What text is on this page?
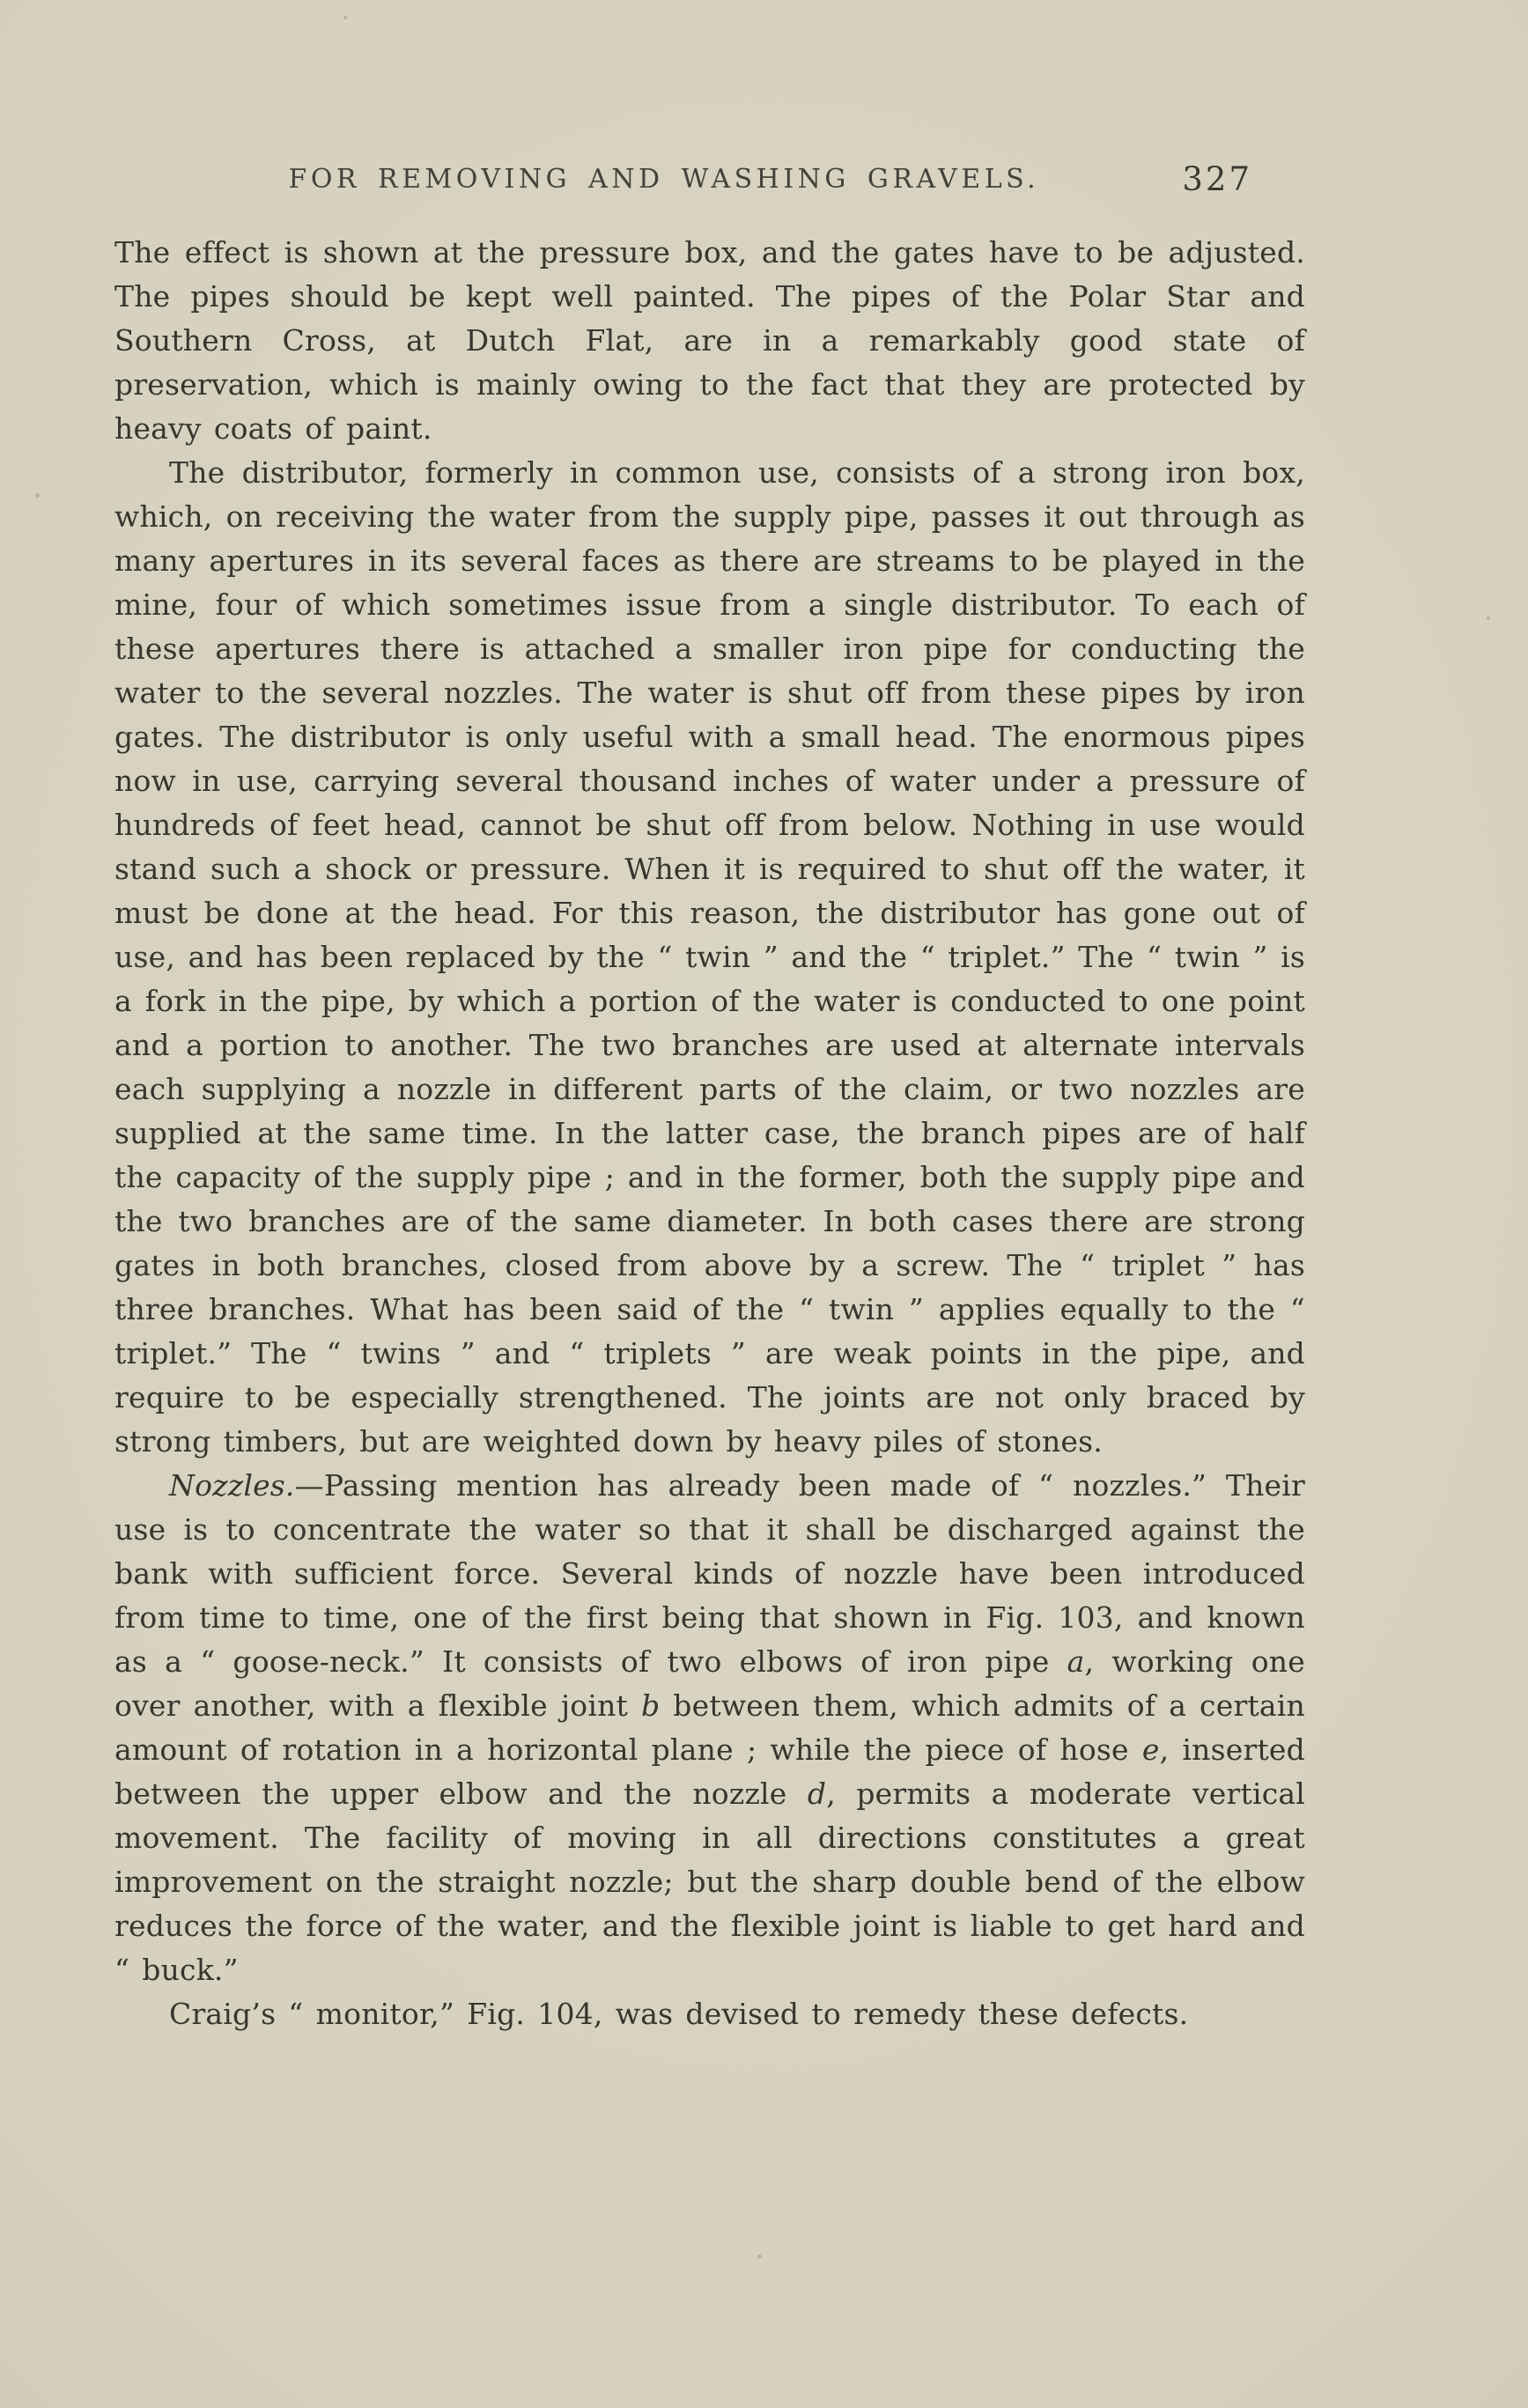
FOR REMOVING AND WASHING GRAVELS.	327

The effect is shown at the pressure box, and the gates have to be adjusted. The pipes should be kept well painted. The pipes of the Polar Star and Southern Cross, at Dutch Flat, are in a remarkably good state of preservation, which is mainly owing to the fact that they are protected by heavy coats of paint.

The distributor, formerly in common use, consists of a strong iron box, which, on receiving the water from the supply pipe, passes it out through as many apertures in its several faces as there are streams to be played in the mine, four of which sometimes issue from a single distributor. To each of these apertures there is attached a smaller iron pipe for conducting the water to the several nozzles. The water is shut off from these pipes by iron gates. The distributor is only useful with a small head. The enormous pipes now in use, carrying several thousand inches of water under a pressure of hundreds of feet head, cannot be shut off from below. Nothing in use would stand such a shock or pressure. When it is required to shut off the water, it must be done at the head. For this reason, the distributor has gone out of use, and has been replaced by the “ twin ” and the “ triplet.” The “ twin ” is a fork in the pipe, by which a portion of the water is conducted to one point and a portion to another. The two branches are used at alternate intervals each supplying a nozzle in different parts of the claim, or two nozzles are supplied at the same time. In the latter case, the branch pipes are of half the capacity of the supply pipe ; and in the former, both the supply pipe and the two branches are of the same diameter. In both cases there are strong gates in both branches, closed from above by a screw. The “ triplet ” has three branches. What has been said of the “ twin ” applies equally to the “ triplet.” The “ twins ” and “ triplets ” are weak points in the pipe, and require to be especially strengthened. The joints are not only braced by strong timbers, but are weighted down by heavy piles of stones.

Nozzles.—Passing mention has already been made of “ nozzles.” Their use is to concentrate the water so that it shall be discharged against the bank with sufficient force. Several kinds of nozzle have been introduced from time to time, one of the first being that shown in Fig. 103, and known as a “ goose-neck.” It consists of two elbows of iron pipe a, working one over another, with a flexible joint b between them, which admits of a certain amount of rotation in a horizontal plane ; while the piece of hose e, inserted between the upper elbow and the nozzle d, permits a moderate vertical movement. The facility of moving in all directions constitutes a great improvement on the straight nozzle; but the sharp double bend of the elbow reduces the force of the water, and the flexible joint is liable to get hard and “ buck.”

Craig’s “ monitor,” Fig. 104, was devised to remedy these defects.
